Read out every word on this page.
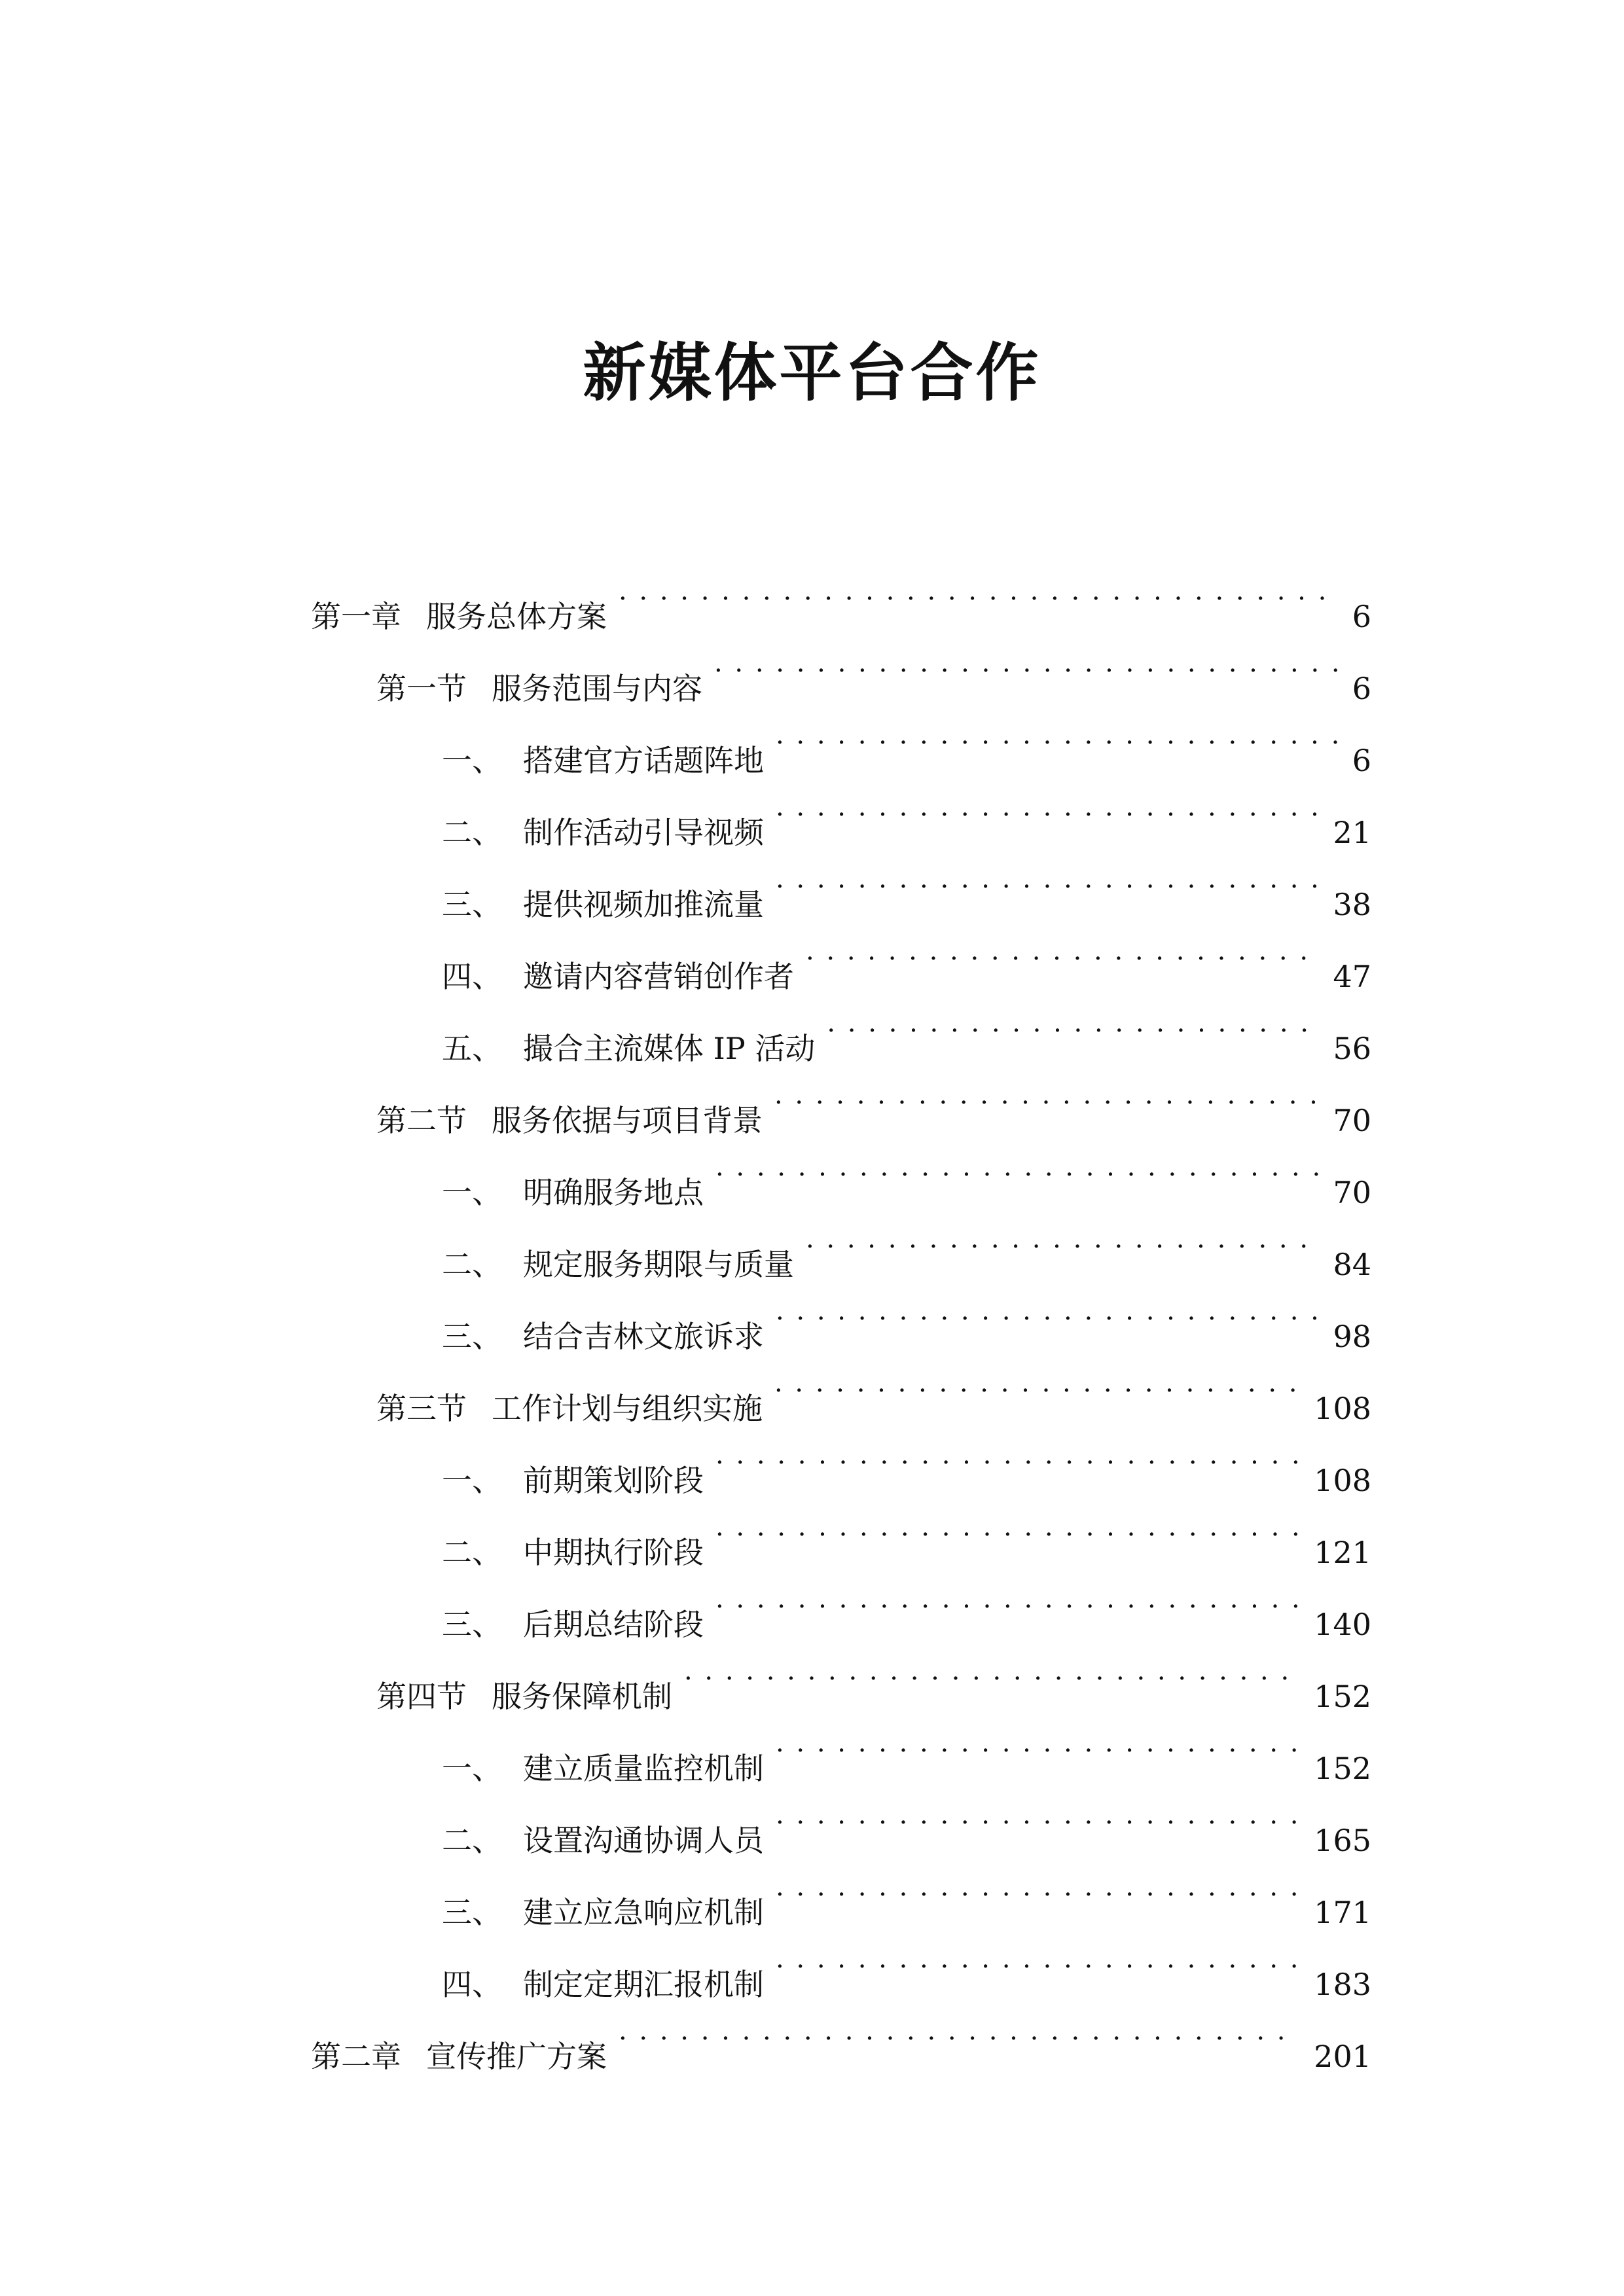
新媒体平台合作
第一章 服务总体方案 . . .	6
第一节 服务范围与内容 . . .	6
一、 搭建官方话题阵地 . . .	6
二、 制作活动引导视频 . . .	21
三、 提供视频加推流量 . . .	38
四、 邀请内容营销创作者 . . .	47
五、 撮合主流媒体 IP 活动 . . .	56
第二节 服务依据与项目背景 . . .	70
一、 明确服务地点 . . .	70
二、 规定服务期限与质量 . . .	84
三、 结合吉林文旅诉求 . . .	98
第三节 工作计划与组织实施 . . .	108
一、 前期策划阶段 . . .	108
二、 中期执行阶段 . . .	121
三、 后期总结阶段 . . .	140
第四节 服务保障机制 . . .	152
一、 建立质量监控机制 . . .	152
二、 设置沟通协调人员 . . .	165
三、 建立应急响应机制 . . .	171
四、 制定定期汇报机制 . . .	183
第二章 宣传推广方案 . . .	201
